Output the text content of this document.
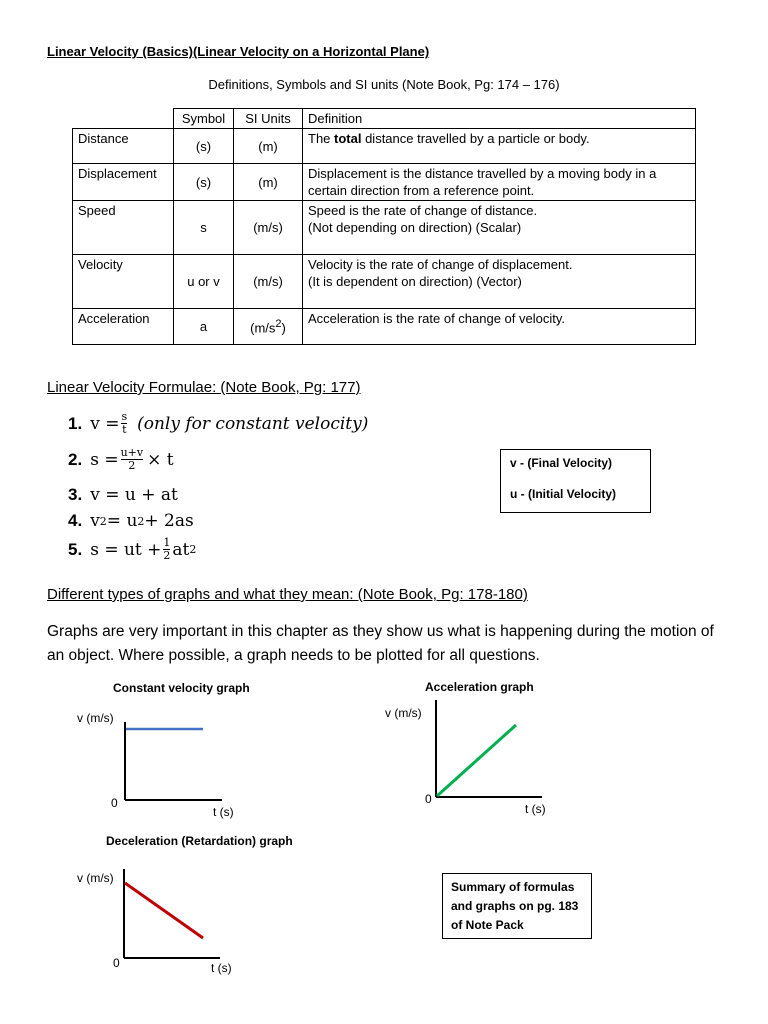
Linear Velocity (Basics)(Linear Velocity on a Horizontal Plane)
Definitions, Symbols and SI units (Note Book, Pg: 174 – 176)
	Symbol	SI Units	Definition
Distance	(s)	(m)	The total distance travelled by a particle or body.
Displacement	(s)	(m)	Displacement is the distance travelled by a moving body in a certain direction from a reference point.
Speed	s	(m/s)	Speed is the rate of change of distance.
(Not depending on direction) (Scalar)

Velocity	u or v	(m/s)	Velocity is the rate of change of displacement.
(It is dependent on direction) (Vector)

Acceleration	a	$(m/s^2)$	Acceleration is the rate of change of velocity.
Linear Velocity Formulae: (Note Book, Pg: 177)
1. $v = \frac{s}{t}$ (only for constant velocity)
2. $s = \frac{u+v}{2} \times t$
3. v = u + at
4. v 2 = u 2 + 2as
5. s = ut + $\frac{1}{2}$ at 2
v - (Final Velocity)
u - (Initial Velocity)
Different types of graphs and what they mean: (Note Book, Pg: 178-180)
Graphs are very important in this chapter as they show us what is happening during the motion of an object. Where possible, a graph needs to be plotted for all questions.
Constant velocity graph
v (m/s)
0
t (s)
Acceleration graph
v (m/s)
0
t (s)
Deceleration (Retardation) graph
v (m/s)
0	t (s)
Summary of formulas
and graphs on pg. 183
of Note Pack
